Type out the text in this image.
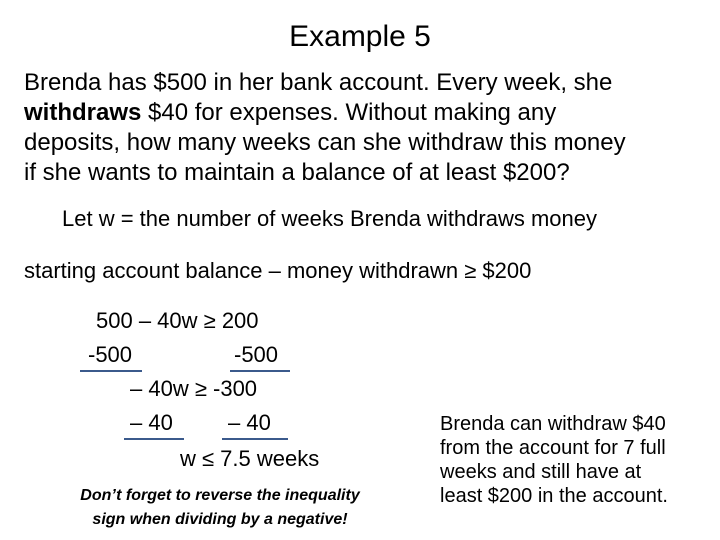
Example 5
Brenda has $500 in her bank account. Every week, she
withdraws $40 for expenses. Without making any
deposits, how many weeks can she withdraw this money
if she wants to maintain a balance of at least $200?
Let w = the number of weeks Brenda withdraws money
starting account balance – money withdrawn ≥ $200
500 – 40w ≥ 200
-500	-500
– 40w ≥ -300
– 40	– 40
w ≤ 7.5 weeks
Don’t forget to reverse the inequality
sign when dividing by a negative!
Brenda can withdraw $40
from the account for 7 full
weeks and still have at
least $200 in the account.
